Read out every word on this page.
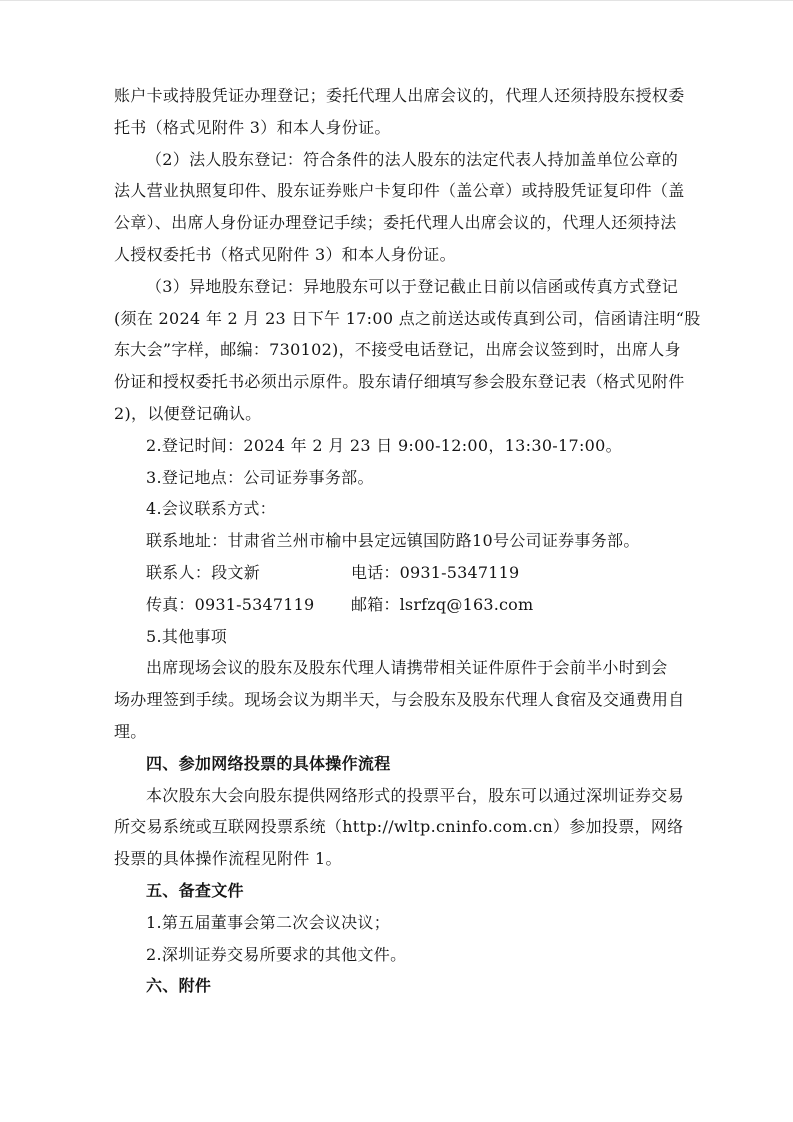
账户卡或持股凭证办理登记；委托代理人出席会议的，代理人还须持股东授权委
托书（格式见附件 3）和本人身份证。
（2）法人股东登记：符合条件的法人股东的法定代表人持加盖单位公章的
法人营业执照复印件、股东证券账户卡复印件（盖公章）或持股凭证复印件（盖
公章）、出席人身份证办理登记手续；委托代理人出席会议的，代理人还须持法
人授权委托书（格式见附件 3）和本人身份证。
（3）异地股东登记：异地股东可以于登记截止日前以信函或传真方式登记
(须在 2024 年 2 月 23 日下午 17:00 点之前送达或传真到公司，信函请注明“股
东大会”字样，邮编：730102)，不接受电话登记，出席会议签到时，出席人身
份证和授权委托书必须出示原件。股东请仔细填写参会股东登记表（格式见附件
2)，以便登记确认。
2.登记时间：2024 年 2 月 23 日 9:00-12:00，13:30-17:00。
3.登记地点：公司证券事务部。
4.会议联系方式：
联系地址：甘肃省兰州市榆中县定远镇国防路10号公司证券事务部。
联系人：段文新	电话：0931-5347119
传真：0931-5347119	邮箱：lsrfzq@163.com
5.其他事项
出席现场会议的股东及股东代理人请携带相关证件原件于会前半小时到会
场办理签到手续。现场会议为期半天，与会股东及股东代理人食宿及交通费用自
理。
四、参加网络投票的具体操作流程
本次股东大会向股东提供网络形式的投票平台，股东可以通过深圳证券交易
所交易系统或互联网投票系统（http://wltp.cninfo.com.cn）参加投票，网络
投票的具体操作流程见附件 1。
五、备查文件
1.第五届董事会第二次会议决议；
2.深圳证券交易所要求的其他文件。
六、附件
